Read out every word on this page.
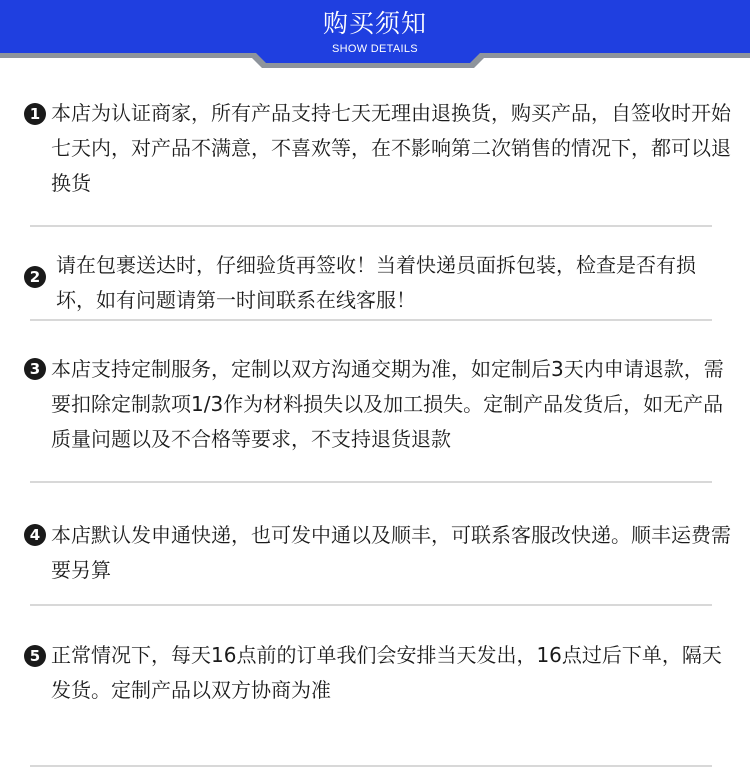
购买须知
SHOW DETAILS
1 本店为认证商家，所有产品支持七天无理由退换货，购买产品，自签收时开始七天内，对产品不满意，不喜欢等，在不影响第二次销售的情况下，都可以退换货
2 请在包裹送达时，仔细验货再签收！当着快递员面拆包装，检查是否有损坏，如有问题请第一时间联系在线客服！
3 本店支持定制服务，定制以双方沟通交期为准，如定制后3天内申请退款，需要扣除定制款项1/3作为材料损失以及加工损失。定制产品发货后，如无产品质量问题以及不合格等要求，不支持退货退款
4 本店默认发申通快递，也可发中通以及顺丰，可联系客服改快递。顺丰运费需要另算
5 正常情况下，每天16点前的订单我们会安排当天发出，16点过后下单，隔天发货。定制产品以双方协商为准
